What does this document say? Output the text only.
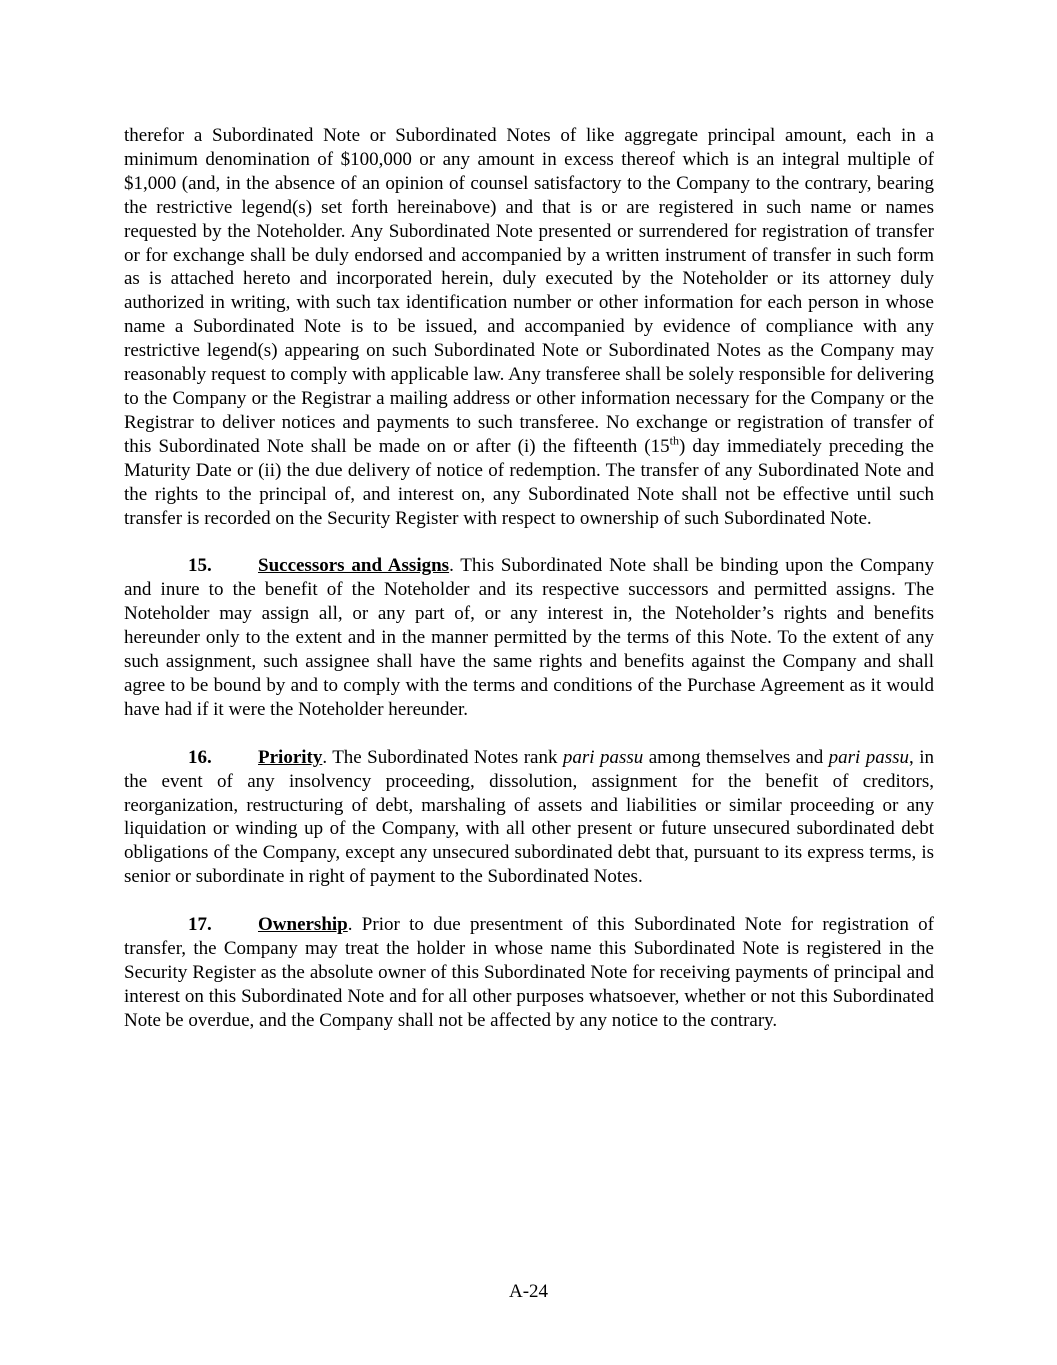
therefor a Subordinated Note or Subordinated Notes of like aggregate principal amount, each in a minimum denomination of $100,000 or any amount in excess thereof which is an integral multiple of $1,000 (and, in the absence of an opinion of counsel satisfactory to the Company to the contrary, bearing the restrictive legend(s) set forth hereinabove) and that is or are registered in such name or names requested by the Noteholder. Any Subordinated Note presented or surrendered for registration of transfer or for exchange shall be duly endorsed and accompanied by a written instrument of transfer in such form as is attached hereto and incorporated herein, duly executed by the Noteholder or its attorney duly authorized in writing, with such tax identification number or other information for each person in whose name a Subordinated Note is to be issued, and accompanied by evidence of compliance with any restrictive legend(s) appearing on such Subordinated Note or Subordinated Notes as the Company may reasonably request to comply with applicable law. Any transferee shall be solely responsible for delivering to the Company or the Registrar a mailing address or other information necessary for the Company or the Registrar to deliver notices and payments to such transferee. No exchange or registration of transfer of this Subordinated Note shall be made on or after (i) the fifteenth (15th) day immediately preceding the Maturity Date or (ii) the due delivery of notice of redemption. The transfer of any Subordinated Note and the rights to the principal of, and interest on, any Subordinated Note shall not be effective until such transfer is recorded on the Security Register with respect to ownership of such Subordinated Note.

15. Successors and Assigns. This Subordinated Note shall be binding upon the Company and inure to the benefit of the Noteholder and its respective successors and permitted assigns. The Noteholder may assign all, or any part of, or any interest in, the Noteholder’s rights and benefits hereunder only to the extent and in the manner permitted by the terms of this Note. To the extent of any such assignment, such assignee shall have the same rights and benefits against the Company and shall agree to be bound by and to comply with the terms and conditions of the Purchase Agreement as it would have had if it were the Noteholder hereunder.

16. Priority. The Subordinated Notes rank pari passu among themselves and pari passu, in the event of any insolvency proceeding, dissolution, assignment for the benefit of creditors, reorganization, restructuring of debt, marshaling of assets and liabilities or similar proceeding or any liquidation or winding up of the Company, with all other present or future unsecured subordinated debt obligations of the Company, except any unsecured subordinated debt that, pursuant to its express terms, is senior or subordinate in right of payment to the Subordinated Notes.

17. Ownership. Prior to due presentment of this Subordinated Note for registration of transfer, the Company may treat the holder in whose name this Subordinated Note is registered in the Security Register as the absolute owner of this Subordinated Note for receiving payments of principal and interest on this Subordinated Note and for all other purposes whatsoever, whether or not this Subordinated Note be overdue, and the Company shall not be affected by any notice to the contrary.

A-24
